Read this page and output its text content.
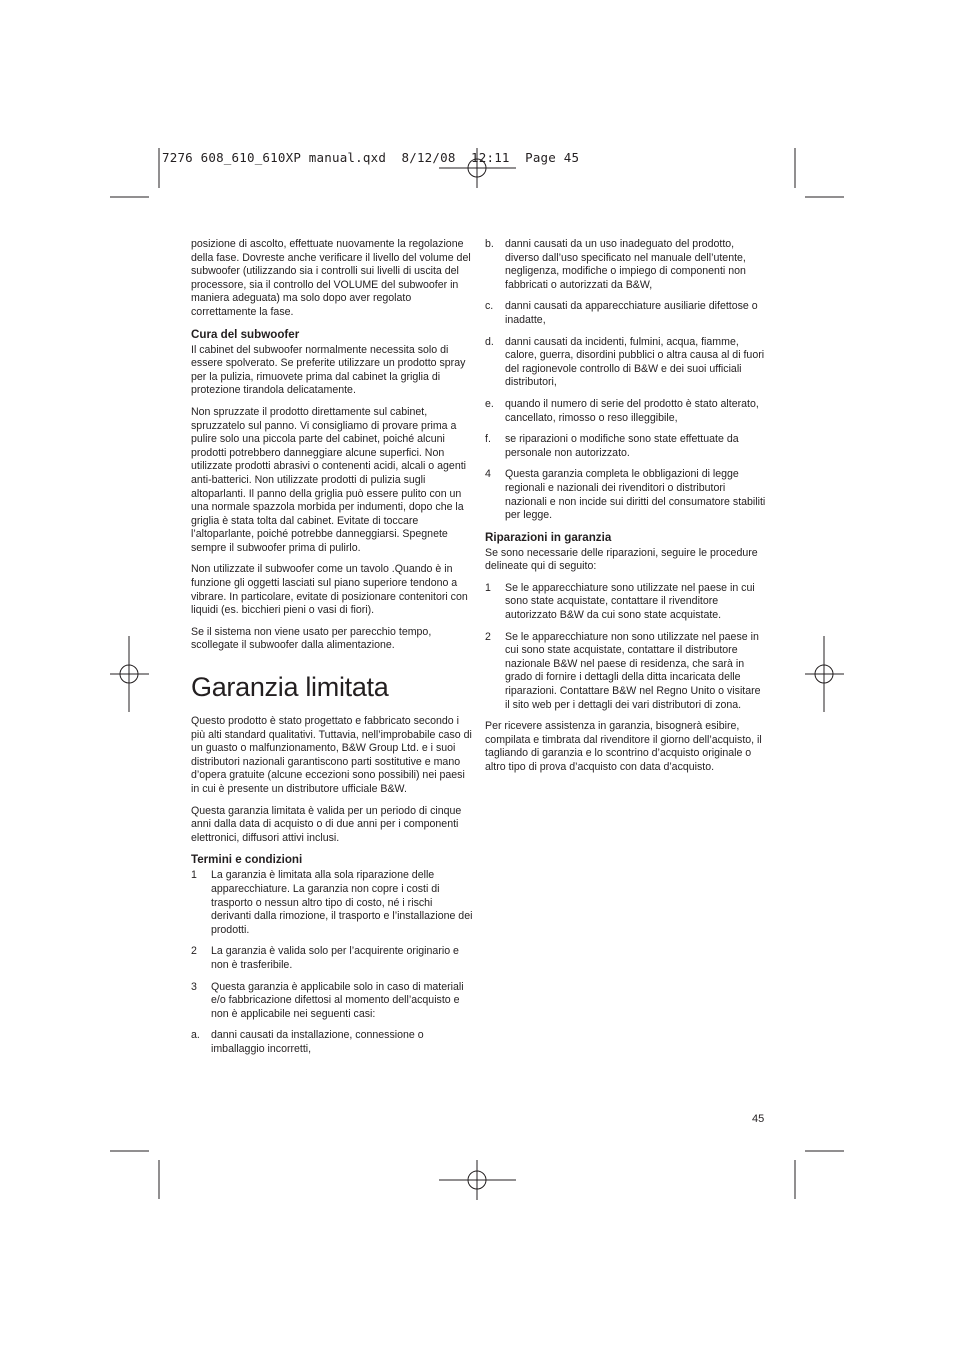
7276 608_610_610XP manual.qxd  8/12/08  12:11  Page 45

posizione di ascolto, effettuate nuovamente la regolazione della fase. Dovreste anche verificare il livello del volume del subwoofer (utilizzando sia i controlli sui livelli di uscita del processore, sia il controllo del VOLUME del subwoofer in maniera adeguata) ma solo dopo aver regolato correttamente la fase.

Cura del subwoofer

Il cabinet del subwoofer normalmente necessita solo di essere spolverato. Se preferite utilizzare un prodotto spray per la pulizia, rimuovete prima dal cabinet la griglia di protezione tirandola delicatamente.

Non spruzzate il prodotto direttamente sul cabinet, spruzzatelo sul panno. Vi consigliamo di provare prima a pulire solo una piccola parte del cabinet, poiché alcuni prodotti potrebbero danneggiare alcune superfici. Non utilizzate prodotti abrasivi o contenenti acidi, alcali o agenti anti-batterici. Non utilizzate prodotti di pulizia sugli altoparlanti. Il panno della griglia può essere pulito con un una normale spazzola morbida per indumenti, dopo che la griglia è stata tolta dal cabinet. Evitate di toccare l’altoparlante, poiché potrebbe danneggiarsi. Spegnete sempre il subwoofer prima di pulirlo.

Non utilizzate il subwoofer come un tavolo .Quando è in funzione gli oggetti lasciati sul piano superiore tendono a vibrare. In particolare, evitate di posizionare contenitori con liquidi (es. bicchieri pieni o vasi di fiori).

Se il sistema non viene usato per parecchio tempo, scollegate il subwoofer dalla alimentazione.

Garanzia limitata

Questo prodotto è stato progettato e fabbricato secondo i più alti standard qualitativi. Tuttavia, nell’improbabile caso di un guasto o malfunzionamento, B&W Group Ltd. e i suoi distributori nazionali garantiscono parti sostitutive e mano d’opera gratuite (alcune eccezioni sono possibili) nei paesi in cui è presente un distributore ufficiale B&W.

Questa garanzia limitata è valida per un periodo di cinque anni dalla data di acquisto o di due anni per i componenti elettronici, diffusori attivi inclusi.

Termini e condizioni
1	La garanzia è limitata alla sola riparazione delle apparecchiature. La garanzia non copre i costi di trasporto o nessun altro tipo di costo, né i rischi derivanti dalla rimozione, il trasporto e l’installazione dei prodotti.
2	La garanzia è valida solo per l’acquirente originario e non è trasferibile.
3	Questa garanzia è applicabile solo in caso di materiali e/o fabbricazione difettosi al momento dell’acquisto e non è applicabile nei seguenti casi:
a.	danni causati da installazione, connessione o imballaggio incorretti,
b.	danni causati da un uso inadeguato del prodotto, diverso dall’uso specificato nel manuale dell’utente, negligenza, modifiche o impiego di componenti non fabbricati o autorizzati da B&W,
c.	danni causati da apparecchiature ausiliarie difettose o inadatte,
d.	danni causati da incidenti, fulmini, acqua, fiamme, calore, guerra, disordini pubblici o altra causa al di fuori del ragionevole controllo di B&W e dei suoi ufficiali distributori,
e.	quando il numero di serie del prodotto è stato alterato, cancellato, rimosso o reso illeggibile,
f.	se riparazioni o modifiche sono state effettuate da personale non autorizzato.
4	Questa garanzia completa le obbligazioni di legge regionali e nazionali dei rivenditori o distributori nazionali e non incide sui diritti del consumatore stabiliti per legge.
Riparazioni in garanzia

Se sono necessarie delle riparazioni, seguire le procedure delineate qui di seguito:

1	Se le apparecchiature sono utilizzate nel paese in cui sono state acquistate, contattare il rivenditore autorizzato B&W da cui sono state acquistate.
2	Se le apparecchiature non sono utilizzate nel paese in cui sono state acquistate, contattare il distributore nazionale B&W nel paese di residenza, che sarà in grado di fornire i dettagli della ditta incaricata delle riparazioni. Contattare B&W nel Regno Unito o visitare il sito web per i dettagli dei vari distributori di zona.

Per ricevere assistenza in garanzia, bisognerà esibire, compilata e timbrata dal rivenditore il giorno dell’acquisto, il tagliando di garanzia e lo scontrino d’acquisto originale o altro tipo di prova d’acquisto con data d’acquisto.

45
